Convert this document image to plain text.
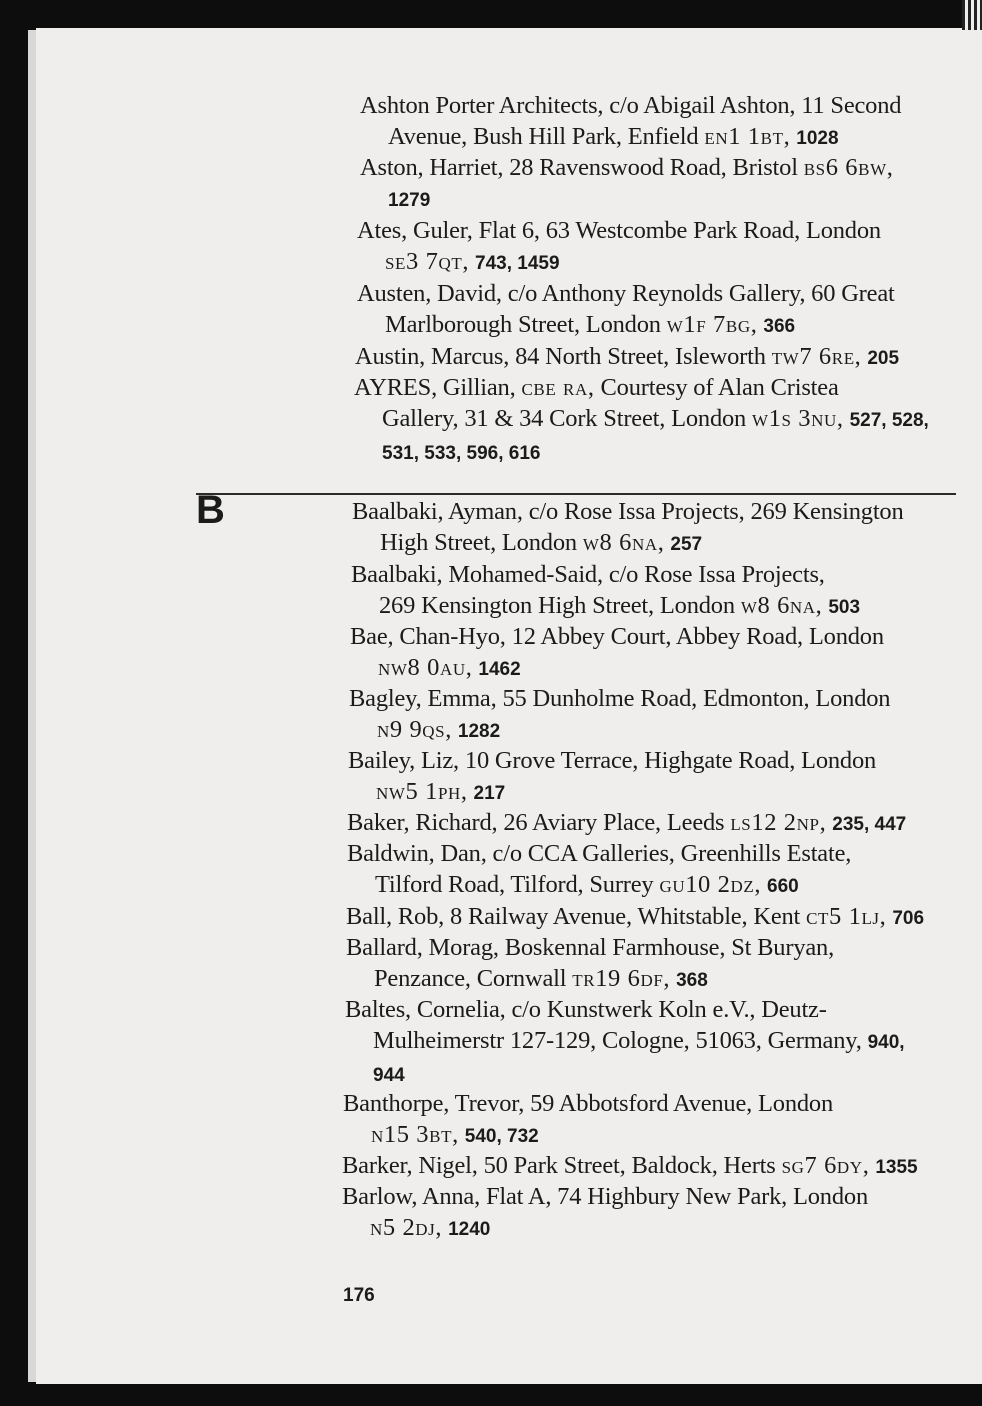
Ashton Porter Architects, c/o Abigail Ashton, 11 Second
Avenue, Bush Hill Park, Enfield en1 1bt, 1028
Aston, Harriet, 28 Ravenswood Road, Bristol bs6 6bw,
1279
Ates, Guler, Flat 6, 63 Westcombe Park Road, London
se3 7qt, 743, 1459
Austen, David, c/o Anthony Reynolds Gallery, 60 Great
Marlborough Street, London w1f 7bg, 366
Austin, Marcus, 84 North Street, Isleworth tw7 6re, 205
AYRES, Gillian, cbe ra, Courtesy of Alan Cristea
Gallery, 31 & 34 Cork Street, London w1s 3nu, 527, 528,
531, 533, 596, 616
B	Baalbaki, Ayman, c/o Rose Issa Projects, 269 Kensington
High Street, London w8 6na, 257
Baalbaki, Mohamed-Said, c/o Rose Issa Projects,
269 Kensington High Street, London w8 6na, 503
Bae, Chan-Hyo, 12 Abbey Court, Abbey Road, London
nw8 0au, 1462
Bagley, Emma, 55 Dunholme Road, Edmonton, London
n9 9qs, 1282
Bailey, Liz, 10 Grove Terrace, Highgate Road, London
nw5 1ph, 217
Baker, Richard, 26 Aviary Place, Leeds ls12 2np, 235, 447
Baldwin, Dan, c/o CCA Galleries, Greenhills Estate,
Tilford Road, Tilford, Surrey gu10 2dz, 660
Ball, Rob, 8 Railway Avenue, Whitstable, Kent ct5 1lj, 706
Ballard, Morag, Boskennal Farmhouse, St Buryan,
Penzance, Cornwall tr19 6df, 368
Baltes, Cornelia, c/o Kunstwerk Koln e.V., Deutz-
Mulheimerstr 127-129, Cologne, 51063, Germany, 940,
944
Banthorpe, Trevor, 59 Abbotsford Avenue, London
n15 3bt, 540, 732
Barker, Nigel, 50 Park Street, Baldock, Herts sg7 6dy, 1355
Barlow, Anna, Flat A, 74 Highbury New Park, London
n5 2dj, 1240
176
